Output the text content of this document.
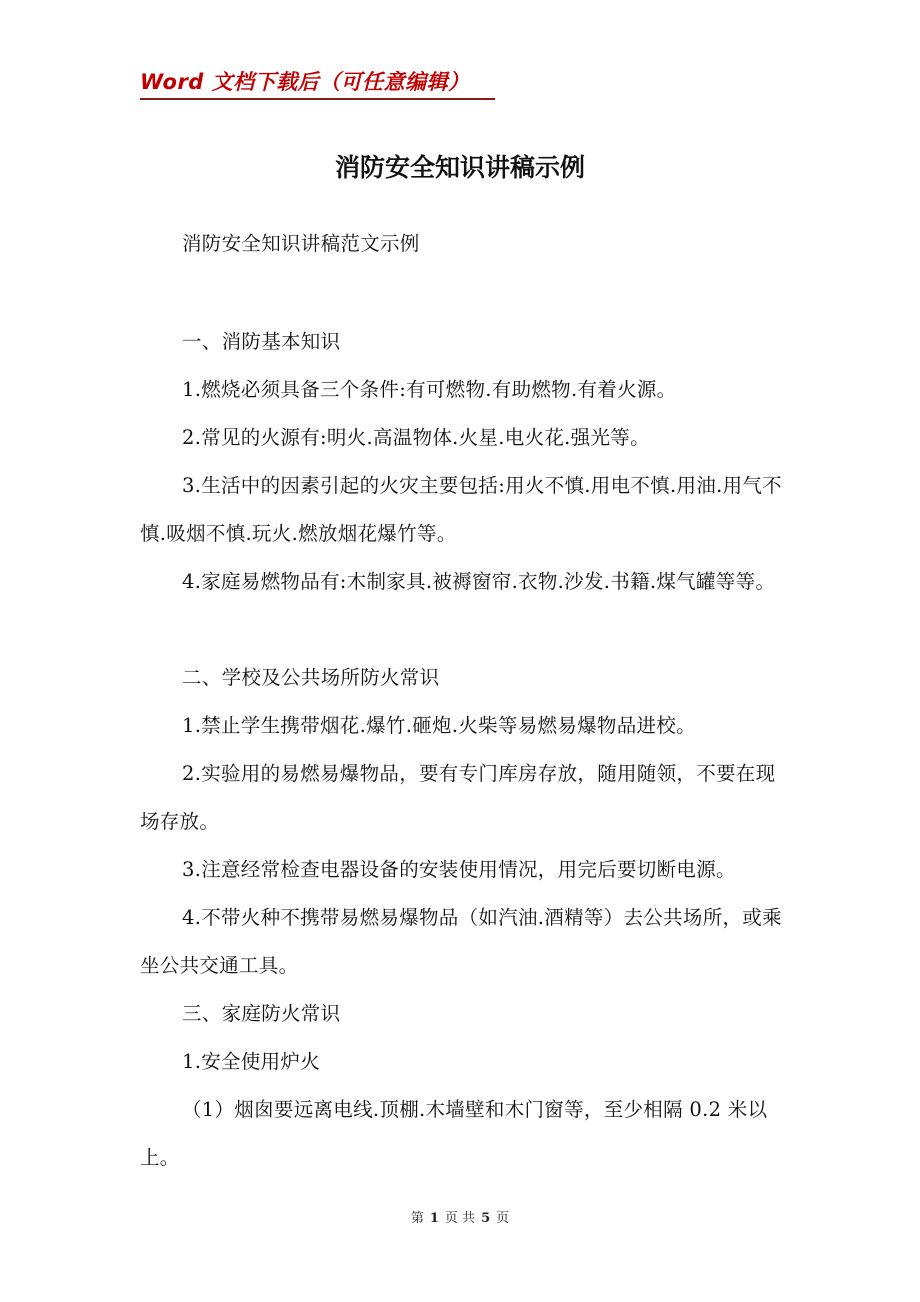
Word 文档下载后（可任意编辑）
消防安全知识讲稿示例
消防安全知识讲稿范文示例
一、消防基本知识
1.燃烧必须具备三个条件:有可燃物.有助燃物.有着火源。
2.常见的火源有:明火.高温物体.火星.电火花.强光等。
3.生活中的因素引起的火灾主要包括:用火不慎.用电不慎.用油.用气不慎.吸烟不慎.玩火.燃放烟花爆竹等。
4.家庭易燃物品有:木制家具.被褥窗帘.衣物.沙发.书籍.煤气罐等等。
二、学校及公共场所防火常识
1.禁止学生携带烟花.爆竹.砸炮.火柴等易燃易爆物品进校。
2.实验用的易燃易爆物品，要有专门库房存放，随用随领，不要在现场存放。
3.注意经常检查电器设备的安装使用情况，用完后要切断电源。
4.不带火种不携带易燃易爆物品（如汽油.酒精等）去公共场所，或乘坐公共交通工具。
三、家庭防火常识
1.安全使用炉火
（1）烟囱要远离电线.顶棚.木墙壁和木门窗等，至少相隔 0.2 米以上。
第 1 页 共 5 页
